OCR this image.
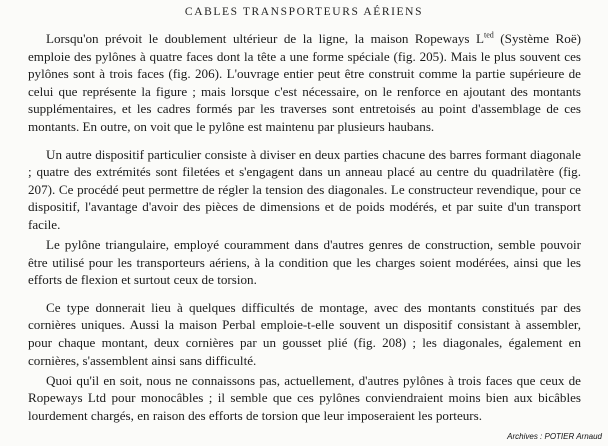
CABLES TRANSPORTEURS AÉRIENS

Lorsqu'on prévoit le doublement ultérieur de la ligne, la maison Ropeways $L^{ted}$ (Système Roë) emploie des pylônes à quatre faces dont la tête a une forme spéciale (fig. 205). Mais le plus souvent ces pylônes sont à trois faces (fig. 206). L'ouvrage entier peut être construit comme la partie supérieure de celui que représente la figure ; mais lorsque c'est nécessaire, on le renforce en ajoutant des montants supplémentaires, et les cadres formés par les traverses sont entretoisés au point d'assemblage de ces montants. En outre, on voit que le pylône est maintenu par plusieurs haubans.

Un autre dispositif particulier consiste à diviser en deux parties chacune des barres formant diagonale ; quatre des extrémités sont filetées et s'engagent dans un anneau placé au centre du quadrilatère (fig. 207). Ce procédé peut permettre de régler la tension des diagonales. Le constructeur revendique, pour ce dispositif, l'avantage d'avoir des pièces de dimensions et de poids modérés, et par suite d'un transport facile.

Le pylône triangulaire, employé couramment dans d'autres genres de construction, semble pouvoir être utilisé pour les transporteurs aériens, à la condition que les charges soient modérées, ainsi que les efforts de flexion et surtout ceux de torsion.

Ce type donnerait lieu à quelques difficultés de montage, avec des montants constitués par des cornières uniques. Aussi la maison Perbal emploie-t-elle souvent un dispositif consistant à assembler, pour chaque montant, deux cornières par un gousset plié (fig. 208) ; les diagonales, également en cornières, s'assemblent ainsi sans difficulté.

Quoi qu'il en soit, nous ne connaissons pas, actuellement, d'autres pylônes à trois faces que ceux de Ropeways Ltd pour monocâbles ; il semble que ces pylônes conviendraient moins bien aux bicâbles lourdement chargés, en raison des efforts de torsion que leur imposeraient les porteurs.

Archives : POTIER Arnaud
